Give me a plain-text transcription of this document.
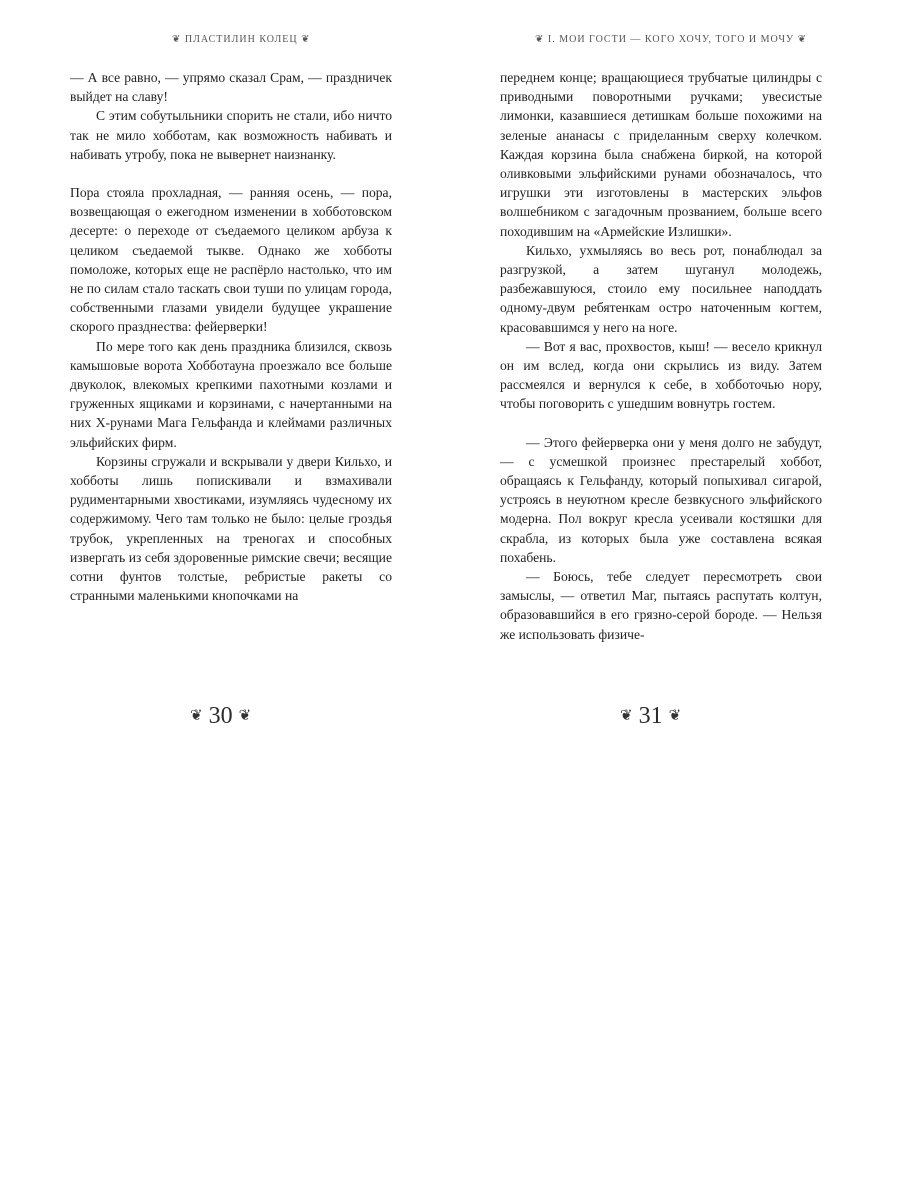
❦ ПЛАСТИЛИН КОЛЕЦ ❦

— А все равно, — упрямо сказал Срам, — праздничек выйдет на славу!

С этим собутыльники спорить не стали, ибо ничто так не мило хобботам, как возможность набивать и набивать утробу, пока не вывернет наизнанку.

Пора стояла прохладная, — ранняя осень, — пора, возвещающая о ежегодном изменении в хобботовском десерте: о переходе от съедаемого целиком арбуза к целиком съедаемой тыкве. Однако же хобботы помоложе, которых еще не распёрло настолько, что им не по силам стало таскать свои туши по улицам города, собственными глазами увидели будущее украшение скорого празднества: фейерверки!

По мере того как день праздника близился, сквозь камышовые ворота Хобботауна проезжало все больше двуколок, влекомых крепкими пахотными козлами и груженных ящиками и корзинами, с начертанными на них Х-рунами Мага Гельфанда и клеймами различных эльфийских фирм.

Корзины сгружали и вскрывали у двери Кильхо, и хобботы лишь попискивали и взмахивали рудиментарными хвостиками, изумляясь чудесному их содержимому. Чего там только не было: целые гроздья трубок, укрепленных на треногах и способных извергать из себя здоровенные римские свечи; весящие сотни фунтов толстые, ребристые ракеты со странными маленькими кнопочками на

❦ 30 ❦
❦ I. МОИ ГОСТИ — КОГО ХОЧУ, ТОГО И МОЧУ ❦

переднем конце; вращающиеся трубчатые цилиндры с приводными поворотными ручками; увесистые лимонки, казавшиеся детишкам больше похожими на зеленые ананасы с приделанным сверху колечком. Каждая корзина была снабжена биркой, на которой оливковыми эльфийскими рунами обозначалось, что игрушки эти изготовлены в мастерских эльфов волшебником с загадочным прозванием, больше всего походившим на «Армейские Излишки».

Кильхо, ухмыляясь во весь рот, понаблюдал за разгрузкой, а затем шуганул молодежь, разбежавшуюся, стоило ему посильнее наподдать одному-двум ребятенкам остро наточенным когтем, красовавшимся у него на ноге.

— Вот я вас, прохвостов, кыш! — весело крикнул он им вслед, когда они скрылись из виду. Затем рассмеялся и вернулся к себе, в хобботочью нору, чтобы поговорить с ушедшим вовнутрь гостем.

— Этого фейерверка они у меня долго не забудут, — с усмешкой произнес престарелый хоббот, обращаясь к Гельфанду, который попыхивал сигарой, устроясь в неуютном кресле безвкусного эльфийского модерна. Пол вокруг кресла усеивали костяшки для скрабла, из которых была уже составлена всякая похабень.

— Боюсь, тебе следует пересмотреть свои замыслы, — ответил Маг, пытаясь распутать колтун, образовавшийся в его грязно-серой бороде. — Нельзя же использовать физиче-

❦ 31 ❦
